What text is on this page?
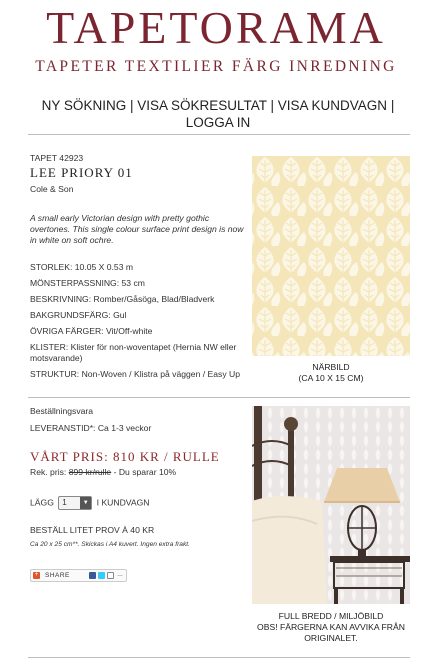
TAPETORAMA
TAPETER TEXTILIER FÄRG INREDNING
NY SÖKNING | VISA SÖKRESULTAT | VISA KUNDVAGN | LOGGA IN
TAPET 42923
LEE PRIORY 01
Cole & Son
A small early Victorian design with pretty gothic overtones. This single colour surface print design is now in white on soft ochre.
STORLEK: 10.05 X 0.53 m
MÖNSTERPASSNING: 53 cm
BESKRIVNING: Romber/Gåsöga, Blad/Bladverk
BAKGRUNDSFÄRG: Gul
ÖVRIGA FÄRGER: Vit/Off-white
KLISTER: Klister för non-woventapet (Hernia NW eller motsvarande)
STRUKTUR: Non-Woven / Klistra på väggen / Easy Up
Beställningsvara
LEVERANSTID*: Ca 1-3 veckor
VÅRT PRIS: 810 KR / RULLE
Rek. pris: 899 kr/rulle - Du sparar 10%
LÄGG 1	▼ I KUNDVAGN
BESTÄLL LITET PROV À 40 KR
Ca 20 x 25 cm**. Skickas i A4 kuvert. Ingen extra frakt.
+ SHARE	…
NÄRBILD
(CA 10 X 15 CM)
FULL BREDD / MILJÖBILD
OBS! FÄRGERNA KAN AVVIKA FRÅN ORIGINALET.
